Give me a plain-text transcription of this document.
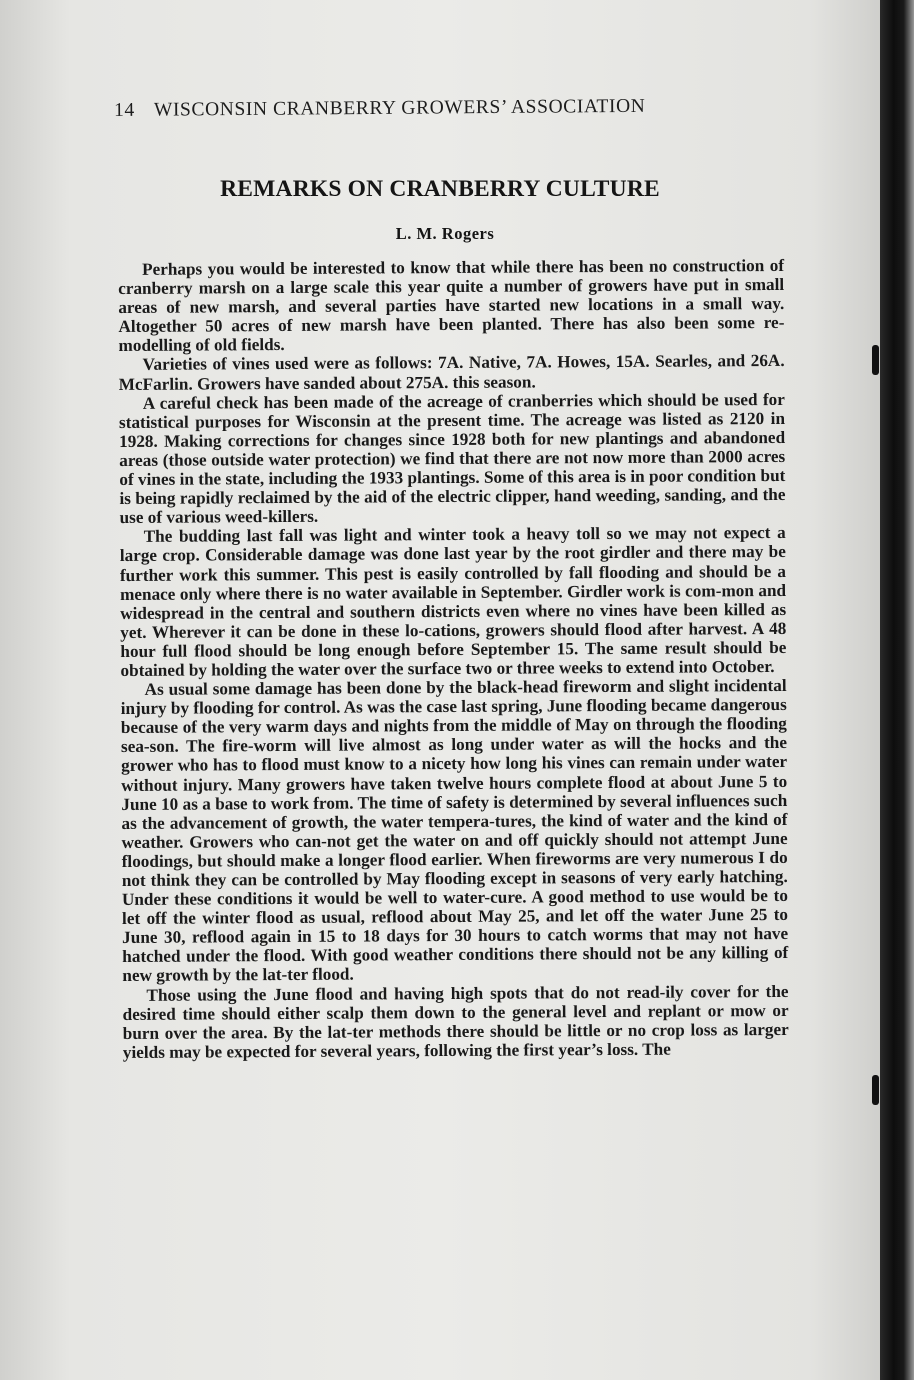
14 WISCONSIN CRANBERRY GROWERS’ ASSOCIATION
REMARKS ON CRANBERRY CULTURE
L. M. Rogers

Perhaps you would be interested to know that while there has been no construction of cranberry marsh on a large scale this year quite a number of growers have put in small areas of new marsh, and several parties have started new locations in a small way. Altogether 50 acres of new marsh have been planted. There has also been some re-modelling of old fields.

Varieties of vines used were as follows: 7A. Native, 7A. Howes, 15A. Searles, and 26A. McFarlin. Growers have sanded about 275A. this season.

A careful check has been made of the acreage of cranberries which should be used for statistical purposes for Wisconsin at the present time. The acreage was listed as 2120 in 1928. Making corrections for changes since 1928 both for new plantings and abandoned areas (those outside water protection) we find that there are not now more than 2000 acres of vines in the state, including the 1933 plantings. Some of this area is in poor condition but is being rapidly reclaimed by the aid of the electric clipper, hand weeding, sanding, and the use of various weed-killers.

The budding last fall was light and winter took a heavy toll so we may not expect a large crop. Considerable damage was done last year by the root girdler and there may be further work this summer. This pest is easily controlled by fall flooding and should be a menace only where there is no water available in September. Girdler work is com-mon and widespread in the central and southern districts even where no vines have been killed as yet. Wherever it can be done in these lo-cations, growers should flood after harvest. A 48 hour full flood should be long enough before September 15. The same result should be obtained by holding the water over the surface two or three weeks to extend into October.

As usual some damage has been done by the black-head fireworm and slight incidental injury by flooding for control. As was the case last spring, June flooding became dangerous because of the very warm days and nights from the middle of May on through the flooding sea-son. The fire-worm will live almost as long under water as will the hocks and the grower who has to flood must know to a nicety how long his vines can remain under water without injury. Many growers have taken twelve hours complete flood at about June 5 to June 10 as a base to work from. The time of safety is determined by several influences such as the advancement of growth, the water tempera-tures, the kind of water and the kind of weather. Growers who can-not get the water on and off quickly should not attempt June floodings, but should make a longer flood earlier. When fireworms are very numerous I do not think they can be controlled by May flooding except in seasons of very early hatching. Under these conditions it would be well to water-cure. A good method to use would be to let off the winter flood as usual, reflood about May 25, and let off the water June 25 to June 30, reflood again in 15 to 18 days for 30 hours to catch worms that may not have hatched under the flood. With good weather conditions there should not be any killing of new growth by the lat-ter flood.

Those using the June flood and having high spots that do not read-ily cover for the desired time should either scalp them down to the general level and replant or mow or burn over the area. By the lat-ter methods there should be little or no crop loss as larger yields may be expected for several years, following the first year’s loss. The
